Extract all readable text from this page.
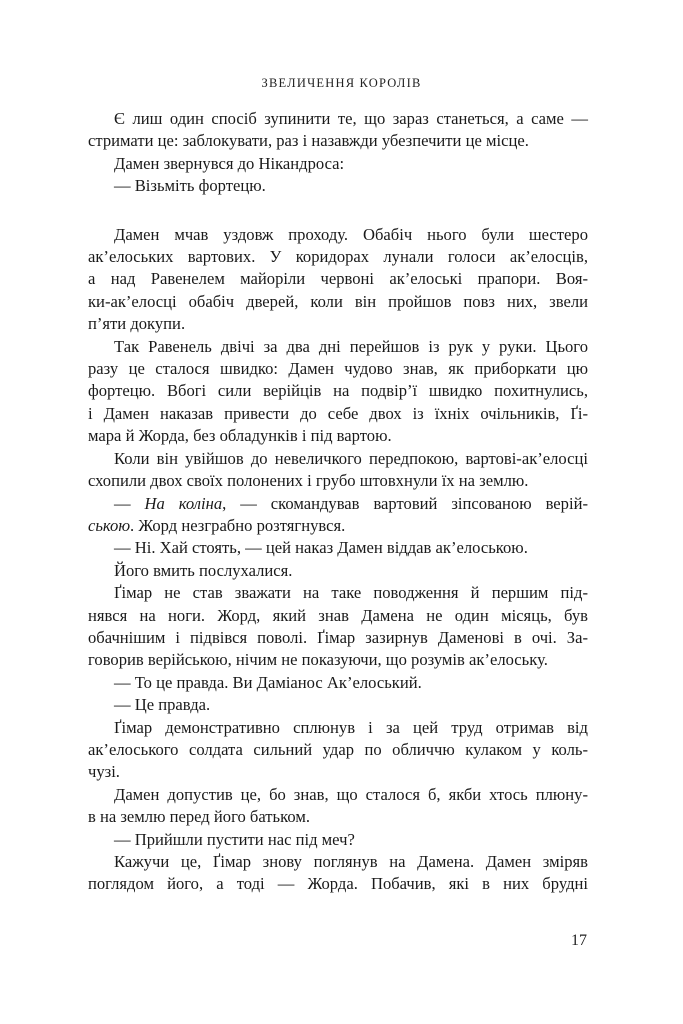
ЗВЕЛИЧЕННЯ КОРОЛІВ

Є лиш один спосіб зупинити те, що зараз станеться, а саме —
стримати це: заблокувати, раз і назавжди убезпечити це місце.

Дамен звернувся до Нікандроса:

— Візьміть фортецю.

Дамен мчав уздовж проходу. Обабіч нього були шестеро
ак’елоських вартових. У коридорах лунали голоси ак’елосців,
а над Равенелем майоріли червоні ак’елоські прапори. Воя-
ки-ак’елосці обабіч дверей, коли він пройшов повз них, звели
п’яти докупи.

Так Равенель двічі за два дні перейшов із рук у руки. Цього
разу це сталося швидко: Дамен чудово знав, як приборкати цю
фортецю. Вбогі сили верійців на подвір’ї швидко похитнулись,
і Дамен наказав привести до себе двох із їхніх очільників, Ґі-
мара й Жорда, без обладунків і під вартою.

Коли він увійшов до невеличкого передпокою, вартові-ак’елосці
схопили двох своїх полонених і грубо штовхнули їх на землю.

— На коліна, — скомандував вартовий зіпсованою верій-
ською. Жорд незграбно розтягнувся.

— Ні. Хай стоять, — цей наказ Дамен віддав ак’елоською.

Його вмить послухалися.

Ґімар не став зважати на таке поводження й першим під-
нявся на ноги. Жорд, який знав Дамена не один місяць, був
обачнішим і підвівся поволі. Ґімар зазирнув Даменові в очі. За-
говорив верійською, нічим не показуючи, що розумів ак’елоську.

— То це правда. Ви Даміанос Ак’елоський.

— Це правда.

Ґімар демонстративно сплюнув і за цей труд отримав від
ак’елоського солдата сильний удар по обличчю кулаком у коль-
чузі.

Дамен допустив це, бо знав, що сталося б, якби хтось плюну-
в на землю перед його батьком.

— Прийшли пустити нас під меч?

Кажучи це, Ґімар знову поглянув на Дамена. Дамен зміряв
поглядом його, а тоді — Жорда. Побачив, які в них брудні

17
